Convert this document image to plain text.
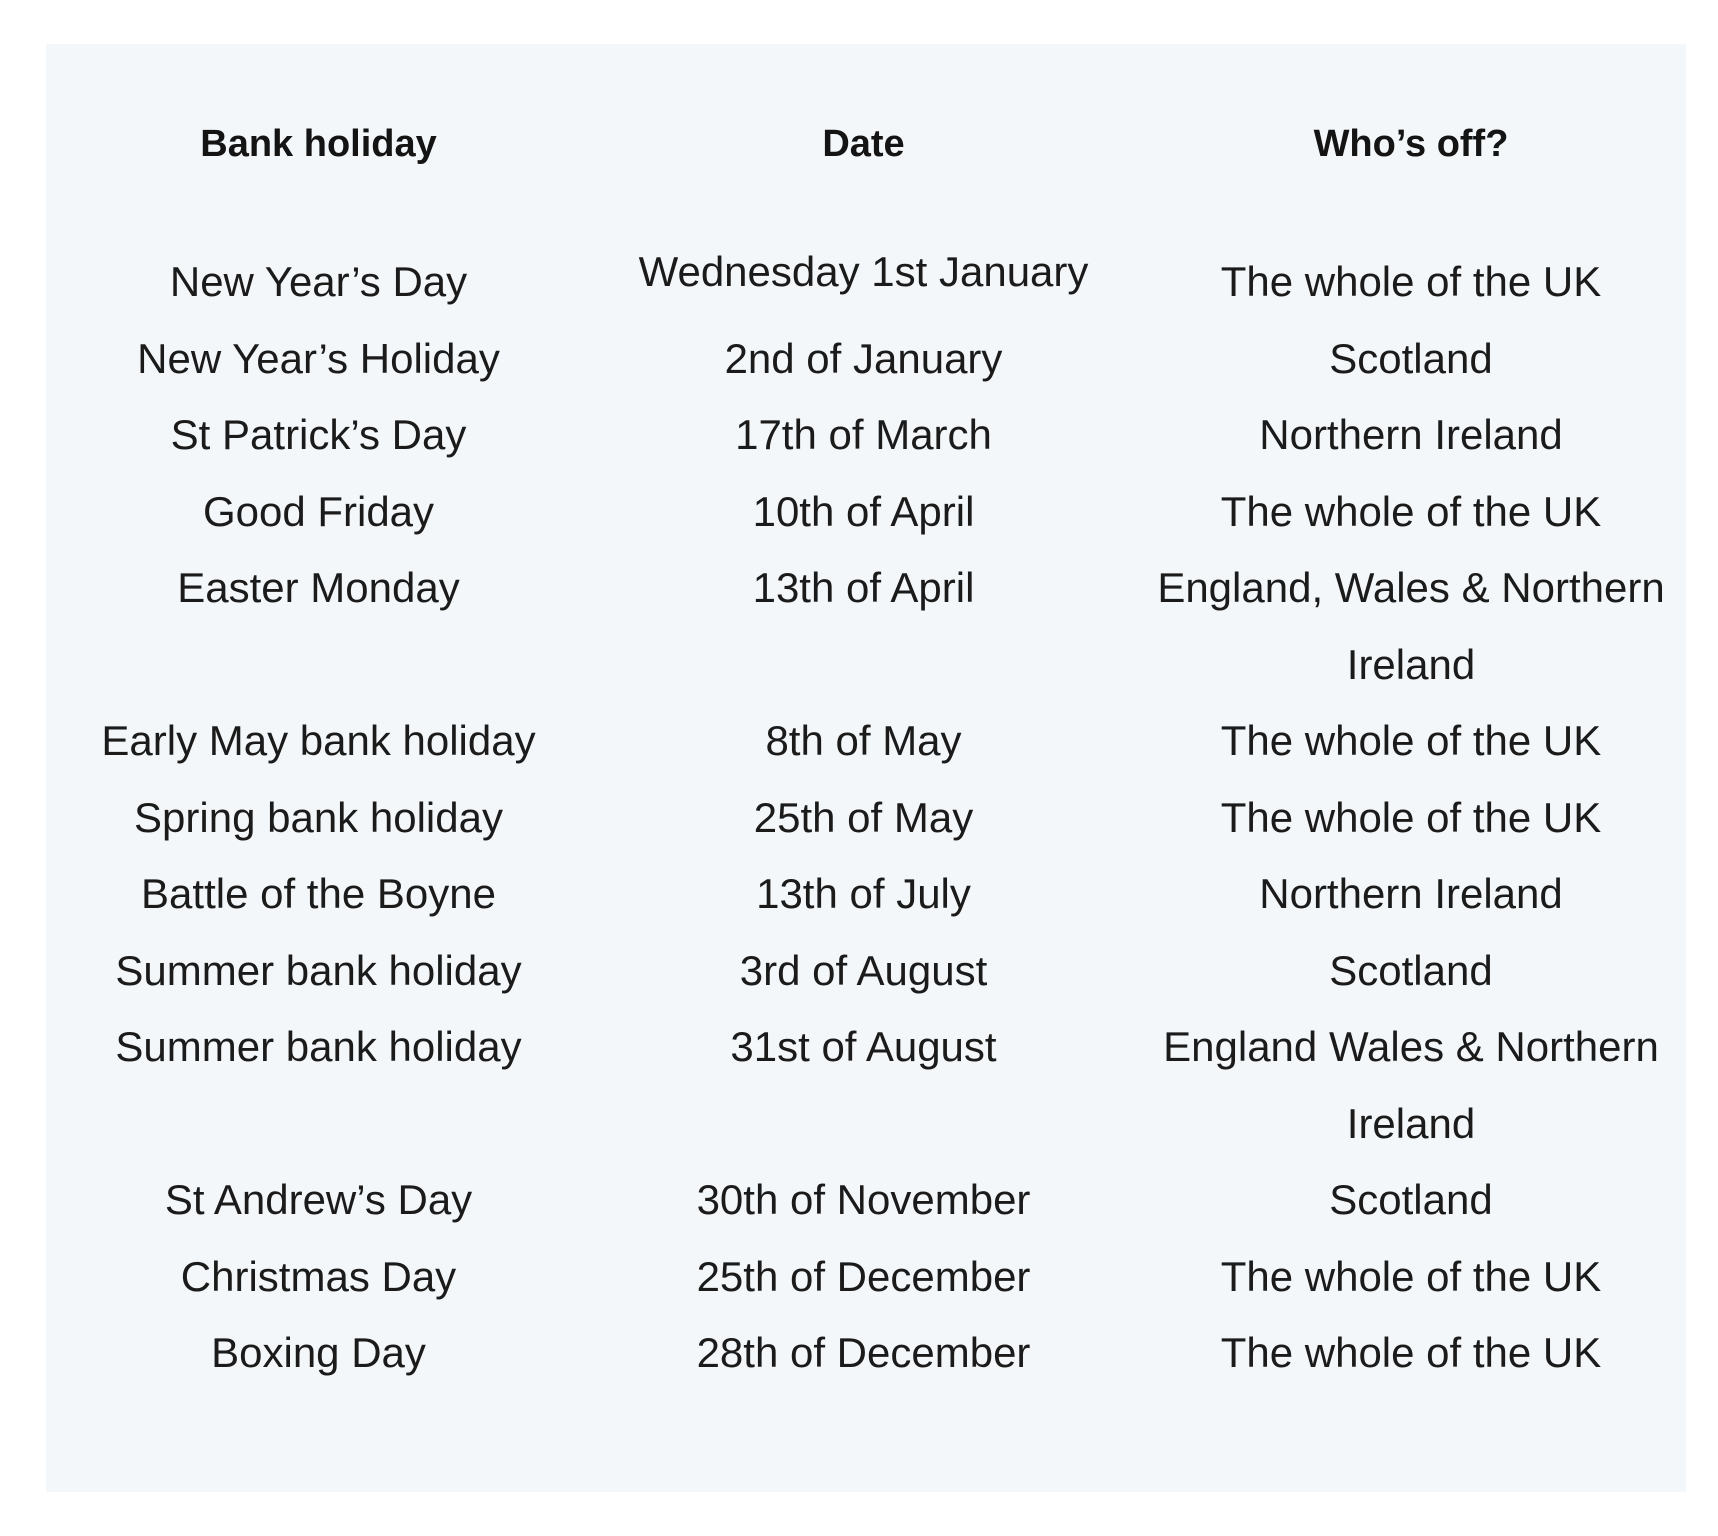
Bank holiday	Date	Who’s off?
New Year’s Day	Wednesday 1st January	The whole of the UK
New Year’s Holiday	2nd of January	Scotland
St Patrick’s Day	17th of March	Northern Ireland
Good Friday	10th of April	The whole of the UK
Easter Monday	13th of April	England, Wales & Northern Ireland
Early May bank holiday	8th of May	The whole of the UK
Spring bank holiday	25th of May	The whole of the UK
Battle of the Boyne	13th of July	Northern Ireland
Summer bank holiday	3rd of August	Scotland
Summer bank holiday	31st of August	England Wales & Northern Ireland
St Andrew’s Day	30th of November	Scotland
Christmas Day	25th of December	The whole of the UK
Boxing Day	28th of December	The whole of the UK
